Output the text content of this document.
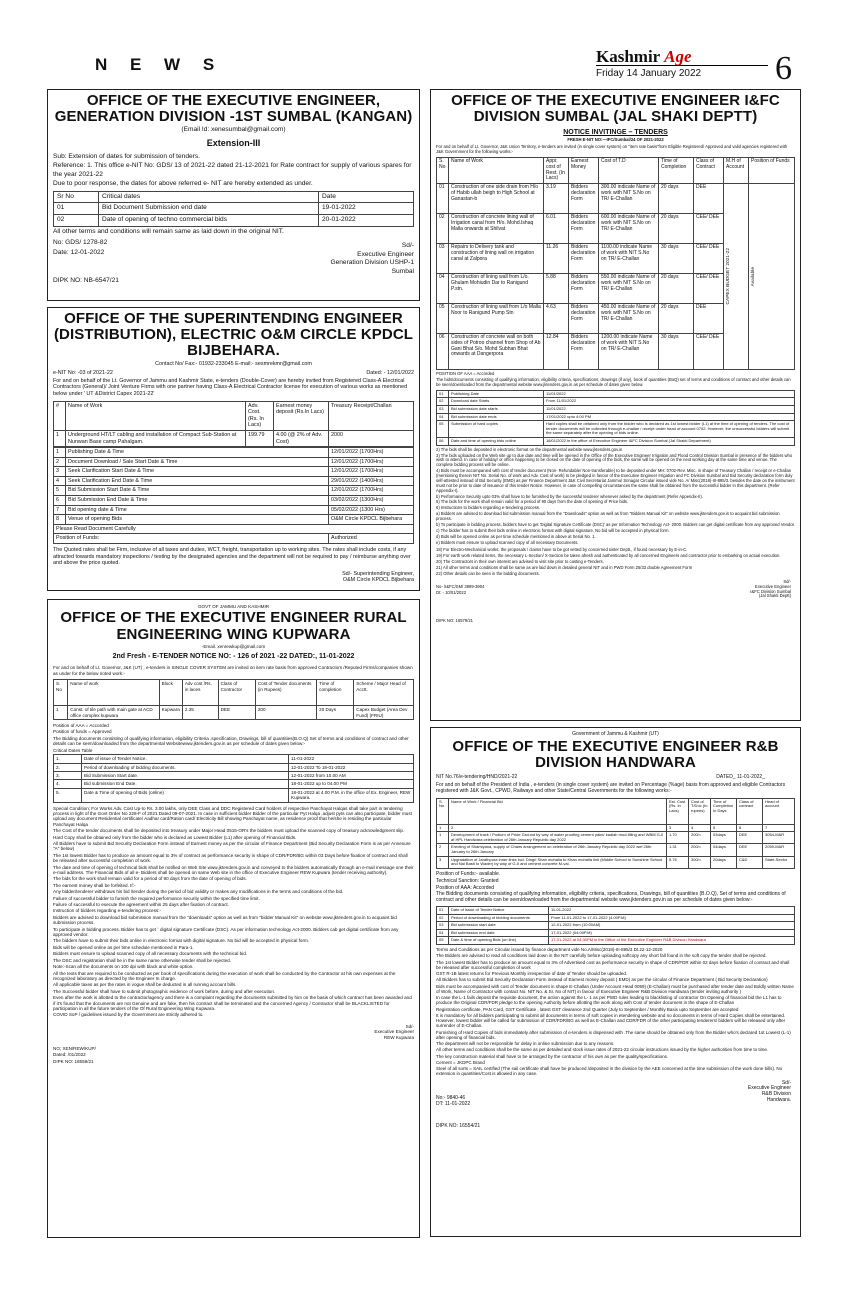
N E W S	Kashmir Age
Friday 14 January 2022 6
OFFICE OF THE EXECUTIVE ENGINEER, GENERATION DIVISION -1ST SUMBAL (KANGAN)

(Email Id: xenesumbal@gmail.com)

Extension-III

Sub: Extension of dates for submission of tenders.

Reference: 1. This office e-NIT No: GDS/ 13 of 2021-22 dated 21-12-2021 for Rate contract for supply of various spares for the year 2021-22

Due to poor response, the dates for above referred e- NIT are hereby extended as under.

Sr No	Critical dates	Date
01	Bid Document Submission end date	19-01-2022
02	Date of opening of techno commercial bids	20-01-2022

All other terms and conditions will remain same as laid down in the original NIT.

No: GDS/ 1278-82

Date: 12-01-2022

Sd/-
Executive Engineer
Generation Division USHP-1
Sumbal

DIPK NO: NB-6547/21

OFFICE OF THE SUPERINTENDING ENGINEER (DISTRIBUTION), ELECTRIC O&M CIRCLE KPDCL BIJBEHARA.

Contact No/ Fax:- 01932-233045 E-mail:- sesmrekmr@gmail.com

e-NIT No: -03 of 2021-22	Dated: - 12/01/2022

For and on behalf of the Lt. Governor of Jammu and Kashmir State, e-tenders (Double-Cover) are hereby invited from Registered Class-A Electrical Contractors (General)/ Joint Venture Firms with one partner having Class-A Electrical Contractor license for execution of various works as mentioned below under ' UT &District Capex 2021-22'

#	Name of Work	Adv. Cost. (Rs. In Lacs)	Earnest money deposit (Rs.In Lacs)	Treasury Receipt/Challan
1	Underground HT/LT cabling and installation of Compact Sub-Station at Nunwan Base camp Pahalgam.	199.79	4.00 (@ 2% of Adv. Cost)	2000
1	Publishing Date & Time	12/01/2022 (1700Hrs)
2	Document Download / Sale Start Date & Time	12/01/2022 (1700Hrs)
3	Seek Clarification Start Date & Time	12/01/2022 (1700Hrs)
4	Seek Clarification End Date & Time	29/01/2022 (1400Hrs)
5	Bid Submission Start Date & Time	12/01/2022 (1700Hrs)
6	Bid Submission End Date & Time	03/02/2022 (1300Hrs)
7	Bid opening date & Time	05/02/2022 (1300 Hrs)
8	Venue of opening Bids	O&M Circle KPDCL Bijbehara
Please Read Document Carefully		
Position of Funds:		Authorized

The Quoted rates shall be Firm, inclusive of all taxes and duties, WCT, freight, transportation up to working sites. The rates shall include costs, if any attracted towards mandatory inspections / testing by the designated agencies and the department will not be required to pay / reimburse anything over and above the price quoted.

Sd/- Superintending Engineer,
O&M Circle KPDCL Bijbehara

GOVT OF JAMMU AND KASHMIR

OFFICE OF THE EXECUTIVE ENGINEER RURAL ENGINEERING WING KUPWARA

-Email. xenrewkup@gmail.com

2nd Fresh - E-TENDER NOTICE NO: - 126 of 2021 -22 DATED:, 11-01-2022

For and on behalf of Lt. Governor, J&K (UT) , e-tenders in SINGLE COVER SYSTEM are invited on item rate basis from approved Contractors /Reputed Firms/companies shown as under for the below noted work:-

S. No	Name of work	Block	Adv cost /Rs. in laces	Class of Contractor	Cost of Tender documents (in Rupees)	Time of completion	Scheme / Major Head of Acctt.
1	Const. of tile path with main gate at ACD office complex kupwara	Kupwara	2.35	DEE	200	20 Days	Capex Budget (Area Dev Fund) (FRIU)

Position of AAA = Accorded

Position of funds = Approved

The Bidding documents consisting of qualifying information, eligibility Criteria ,specification, Drawings, bill of quantities(B.O.Q) Set of terms and conditions of contract and other details can be seen/downloaded from the departmental Websitewww.jktenders.gov.in as per schedule of dates given below:-

Critical Dates Table

1.	Date of issue of Tender Notice.	11-01-2022
2.	Period of downloading of bidding documents.	12-01-2022 To 18-01-2022
3.	Bid Submission Start date.	12-01-2022 from 10.00 AM
4.	Bid submission End Date.	18-01-2022 up to 04.00 PM
5.	Date & Time of opening of Bids (online)	18-01-2022 at 4.00 P.M. in the office of Ex. Engineer, REW Kupwara.

Special Condition; For Works Adv. Cost Up-to Rs. 3.00 lakhs, only DEE Class and DDC Registered Card holders of respective Panchayat Halqas shall take part in tendering process in light of the Govt Order No 228-F of 2021 Dated 09-07-2021. In case in sufficient bidder Bidder of the particular Pyt Halqa ,adjust pyts can also participate, bidder must upload any document Residential certificate/ Aadhar card/Ration card/ Electricity Bill showing Panchayat name, as residence proof that he/she is residing the particular Panchayat Halqa

The Cost of the tender documents shall be deposited into treasury under Major Head 0515-OR's the bidders must upload the scanned copy of treasury acknowledgment slip.

Hard Copy shall be obtained only from the bidder who is declared as Lowest Bidder (L1) after opening of Financial Bids.

All Bidders have to submit Bid Security Declaration Form instead of Earnest money as per the circular of Finance Department (Bid Security Declaration Form is as per Annexure "A" below)

The 1st lowest Bidder has to produce an amount equal to 3% of contract as performance security in shape of CDR/FDR/BG within 03 Days before fixation of contract and shall be released after successful completion of work.

The date and time of opening of technical bids shall be notified on Web Site www.jktenders.gov.in and conveyed to the bidders automatically through an e-mail message one their e-mail address. The Financial Bids of all e- Bidders shall be opened on same Web site in the office of Executive Engineer REW Kupwara (tender receiving authority).

The bids for the work shall remain valid for a period of 90 days from the date of opening of bids.

The earnest money shall be forfeited. If:-

Any bidder/tenderer withdraws his bid /tender during the period of bid validity or makes any modifications in the terms and conditions of the bid.

Failure of successful bidder to furnish the required performance security within the specified time limit.

Failure of successful to execute the agreement within 25 days after fixation of contract.

Instruction of bidders regarding e-tendering process:-

Bidders are advised to download bid submission manual from the "downloads" option as well as from "bidder Manual Kit" on website www.jktenders.gov.in to acquaint bid submission process.

To participate in bidding process. Bidder has to get ` digital signature Certificate (DSC). As per information technology Act-2000. Bidders cab get digital certificate from any approved vendor.

The bidders have to submit their bids online in electronic format with digital signature. No bid will be accepted in physical form.

Bids will be opened online as per time schedule mentioned in Para-1.

Bidders must ensure to upload scanned copy of all necessary documents with the technical bid.

The DSC and registration shall be in the same name otherwise tender shall be rejected.

Note:-Scan all the documents on 100 dpi with black and white option.

All the texts that are required to be conducted as per book of specifications during the execution of work shall be conducted by the Contractor at his own expenses at the recognized laboratory as directed by the Engineer In charge.

All applicable taxes as per the rates in vogue shall be deducted in all running account bills.

The Successful bidder shall have to submit photographic evidence of work before, during and after execution.

Even after the work is allotted to the contractor/agency and there is a complaint regarding the documents submitted by him on the basis of which contract has been awarded and if it's found that the documents are not Genuine and are fake, then his contract shall be terminated and the concerned Agency / Contractor shall be BLACKLISTED for participation in all the future tenders of the Of Rural Engineering Wing Kupwara.

COVID SoP / guidelines issued by the Government are strictly adhered to.

Sd/-
Executive Engineer
REW Kupwara

NO; XEN/REW/KUP/

Dated: /01/2022

DIPK NO: 16559/21

OFFICE OF THE EXECUTIVE ENGINEER I&FC DIVISION SUMBAL (JAL SHAKI DEPTT)

NOTICE INVITINGE – TENDERS

FRESH E-NIT NO:—IFC/Sumbal/24 OF 2021-2022

For and on behalf of Lt. Governor, J&K Union Territory, e-tenders are invited (in single cover system) on "item rate basis"from Eligible Registered/ Approved and valid agencies registered with J&K Government for the following works:-

S. No	Name of Work	Appr. cost of Rest. (In Lacs)	Earnest Money	Cost of T.D	Time of Completion	Class of Contract	M.H of Account	Position of Funds
01	Construction of one side drain from H/o of Habib ullah beigh to High School at Ganastan-b	3.19	Bidders declaration Form	300.00 indicate Name of work with NIT S.No on TR/ E-Challan	20 days	DEE	CAPEX BUDGET 2021-22	Available

02	Construction of concrete lining wall of Irrigation canal from H/o. Mohd.Ishaq Malla onwards at Shilvat	6.01	Bidders declaration Form	600.00 indicate Name of work with NIT S.No on TR/ E-Challan	20 days	CEE/ DEE		
03	Repairs to Delivery tank and construction of lining wall on irrigation canal at Zalpora	11.26	Bidders declaration Form	1100.00 indicate Name of work with NIT S.No on TR/ E-Challan	30 days	CEE/ DEE		
04	Construction of lining wall from L/o. Ghulam Mohiudin Dar to Ranigund P.stn.	5.88	Bidders declaration Form	550.00 indicate Name of work with NIT S.No on TR/ E-Challan	20 days	CEE/ DEE		
05	Construction of lining wall from L/o Malla Noor to Ranigund Pump Stn	4.63	Bidders declaration Form	450.00 indicate Name of work with NIT S.No on TR/ E-Challan	20 days	DEE		
06	Construction of concrete wall on both sides of Potroo channel from Shop of Ab Gani Bhat S/o. Mohd Subhan Bhat onwards at Dangerpora	12.84	Bidders declaration Form	1200.00 indicate Name of work with NIT S.No on TR/ E-Challan	30 days	CEE/ DEE		

POSITION OF AAA = Accorded

The bids/documents consisting of qualifying information, eligibility criteria, specifications, drawings (if any), book of quantities (BoQ) set of terms and conditions of contract and other details can be seen/downloaded from the departmental website www.jktenders.gov.in as per schedule of dates given below.

01	Publishing Date	11/01/2022
02	Download date Starts	From 11/01/2022
03	Bid submission date starts	11/01/2022
04	Bid submission date ends	17/01/2022 upto 4:00 PM
05	Submission of hard copies	Hard copies shall be obtained only from the bidder who is declared as 1st lowest bidder (L1) at the time of opening of tenders. The cost of tender documents will be collected through e-challan / receipt under head of account 0702. However, the unsuccessful bidders will submit the same separately after the opening of bids online.
06	Date and time of opening bids online	18/01/2022 in the office of Executive Engineer I&FC Division Sumbal (Jal Shakti Department)

2) The bids shall be deposited in electronic format on the departmental website www.jktenders.gov.in

3) The bids uploaded on the Web site up to due date and time will be opened in the Office of the Executive Engineer Irrigation and Flood Control Division Sumbal in presence of the bidders who wish to attend. In case of holiday/ or office happening to be closed on the date of opening of the bids, the same will be opened on the next working day at the same time and venue. The complete bidding process will be online.

4) Bids must be accompanied with cost of tender document (Non- Refundable/ Non-transferable) to be deposited under MH: 0702-Rev. Misc. in shape of Treasury Challan / receipt or e-Challan (mentioning therein NIT No. Serial No. of work and Adv. Cost of work) to be pledged in favour of the Executive Engineer Irrigation and FC Division Sumbal and Bid Security declaration form duly self-attested instead of Bid Security (EMD) as per Finance Department J&K Civil Secretariat Jammu/ Srinagar Circular issued vide No. A/ Misc(2018)-III-895/3. besides the date on the instrument must not be prior to date of issuance of this tender Notice. However, in case of compelling circumstances the same shall be obtained from the successful bidder in this department. (Refer Appendix-I).

b) Performance Security upto 03% shall have to be furnished by the successful tenderer whenever asked by the department (Refer Appendix-II).

5) The bids for the work shall remain valid for a period of 90 days from the date of opening of Price bids.

6) Instructions to bidders regarding e-tendering process.

a) Bidders are advised to download bid submission manual from the "Downloads" option as well as from "Bidders Manual Kit" on website www.jktenders.gov.in to acquaint bid submission process.

b) To participate in bidding process, bidders have to get 'Digital Signature Certificate (DSC)' as per Information Technology Act- 2000. Bidders can get digital certificate from any approved Vendor.

c) The bidder has to submit their bids online in electronic format with digital signature. No bid will be accepted in physical form.

d) Bids will be opened online as per time schedule mentioned in above at Serial No. 1.

e) Bidders must ensure to upload scanned copy of all necessary Documents.

18) For Electro-Mechanical works, the proposals / claims have to be got vetted by concerned sister Deptt., if found necessary by E-in-C.

19) For earth work related items, the necessary L-Section/ X-Section be taken afresh and authenticated by all concerned Engineers and contractor prior to embarking on actual execution.

20) The Contractors in their own interest are advised to visit site prior to casting e-Tenders.

21) All other terms and conditions shall be same as are laid down in detailed general NIT and in PWD Form 25/33 double Agreement Form

22) Other details can be seen in the bidding documents.

No- /I&FC/SM/ 3899-3904

Dt: - 10/01/2022

Sd/-
Executive Engineer
I&FC Division Sumbal
(Jal Shakti Deptt)

DIPK NO: 16579/21

Government of Jammu & Kashmir (UT)

OFFICE OF THE EXECUTIVE ENGINEER R&B DIVISION HANDWARA
NIT No.76/e-tendering/HND/2021-22	DATED_ 11-01-2022_

For and on behalf of the President of India , e-tenders (in single cover system) are invited on Percentage (%age) basis from approved and eligible Contractors registered with J&K Govt., CPWD, Railways and other State/Central Governments for the following works:-

S. No	Name of Work / Financial Bid	Est. Cost (Rs. In Lacs)	Cost of T/Doc (In rupees)	Time of Completion In Days	Class of contract	Head of account
1	2	3	4	5	6	7
1	Development of track / Podium of Pride Ground by way of water proofing cement paint/ kadlah mud-filling and WBM G-II at HPL Handwara celebration of 26th January Republic day 2022	1.70	200/=	03days	DEE	3054-M&R
2	Erecting of Shamiyana, supply of Chairs arrangement on celebration of 26th January Republic day 2022 wef 26th January to 26th January	1.31	200/=	04days	DEE	2059-M&R
3	Upgradation of Jarathpora inner links incl. Dingri Shah mohalla to Khan mohalla link (Middle School to Sunshine School and Nai Basti to Wader) by way of G-II and cement concrete M-val.	5.76	300/=	20days	C&D	State-Sector

Position of Funds:- available.

Technical Sanction: Granted

Position of AAA: Accorded

The Bidding documents consisting of qualifying information, eligibility criteria, specifications, Drawings, bill of quantities (B.O.Q), Set of terms and conditions of contract and other details can be seen/downloaded from the departmental website www.jktenders.gov.in as per schedule of dates given below:-

01	Date of issue of Tender Notice	11-01-2022
02	Period of downloading of bidding documents	From 11-01-2022 to 17-01-2022 (4.00P.M)
03	Bid submission start date	12-01-2022 from (10:00AM)
04	Bid submission end date	17-01-2022 (04:00P.M)
05	Date & time of opening Bids (on line)	17-01-2022 at 04:30PM in the Office of the Executive Engineer R&B Division Handwara

Terms and Conditions as per Circular issued by finance department vide No.A/Misc(2018)-III-895/3 Dt.22-12-2020

The Bidders are advised to read all conditions laid down in the NIT carefully before uploading softcopy any short fall found in the soft copy the tender shall be rejected.

The 1st lowest Bidder has to produce an amount equal to 3% of Advertised cost as performance security in shape of CDR/FDR within 02 days before fixation of contract and shall be released after successful completion of work

GST R-1B latest returns for Previous Monthly irrespective of date of Tender should be uploaded.

All Bidders has to submit Bid Security Declaration Form instead of Earnest money deposit ( EMD) as per the circular of Finance Department ( Bid Security Declaration)

Bids must be accompanied with cost of Tender document in shape E-Challan (Under Account Head 0059) (E-Challan) must be purchased after tender date and Boldly written Name of Work, Name of Contractor with contact No. NIT No. & Sr. No of NIT) in favour of Executive Engineer R&B Division Handwara (tender inviting authority )

In case the L-1 fails deposit the requisite document, the action against the L- 1 as per PWD rules leading to blacklisting of contractor On Opening of financial bid the L1 has to produce the Original CDR/FDR pledge to the opening Authority before allotting the work along with Cost of tender document in the shape of E-Challan

Registration certificate, PAN Card, GST Certificate , latest GST clearance 2nd Quarter (July to September / Monthly Basis upto September are accepted

It is mandatory for all bidders participating to submit all documents in terms of soft copies in etendering website and no documents in terms of Hard Copies shall be entertained. However, lowest bidder will be called for submission of CDR/FDR/BG as well as E-Challan and CDR/FDR of the other participating tenderers/ bidders will be released only after surrender of E-Challan.

Furnishing of Hard Copies of bids immediately after submission of e-tenders is dispensed with .The same should be obtained only from the Bidder who's declared 1st Lowest (L-1) after opening of financial bids.

The department will not be responsible for delay in online submission due to any reasons.

All other terms and conditions shall be the same as per detailed and stock issue rates of 2021-22 circular instructions issued by the higher authorities from time to time.

The key construction material shall have to be arranged by the contractor of his own as per the quality/specifications.

Cement = JKDPC Brand

Steel of all sorts = SAIL certified (The sail certificate shall have be produced /deposited in the division by the AEE concerned at the time submission of the work done bills). No extension in quantities/Cost is allowed in any case.

Sd/-
Executive Engineer
R&B Division
Handwara.

No:- 9840-46

DT: 11-01-2022

DIPK NO: 16554/21
